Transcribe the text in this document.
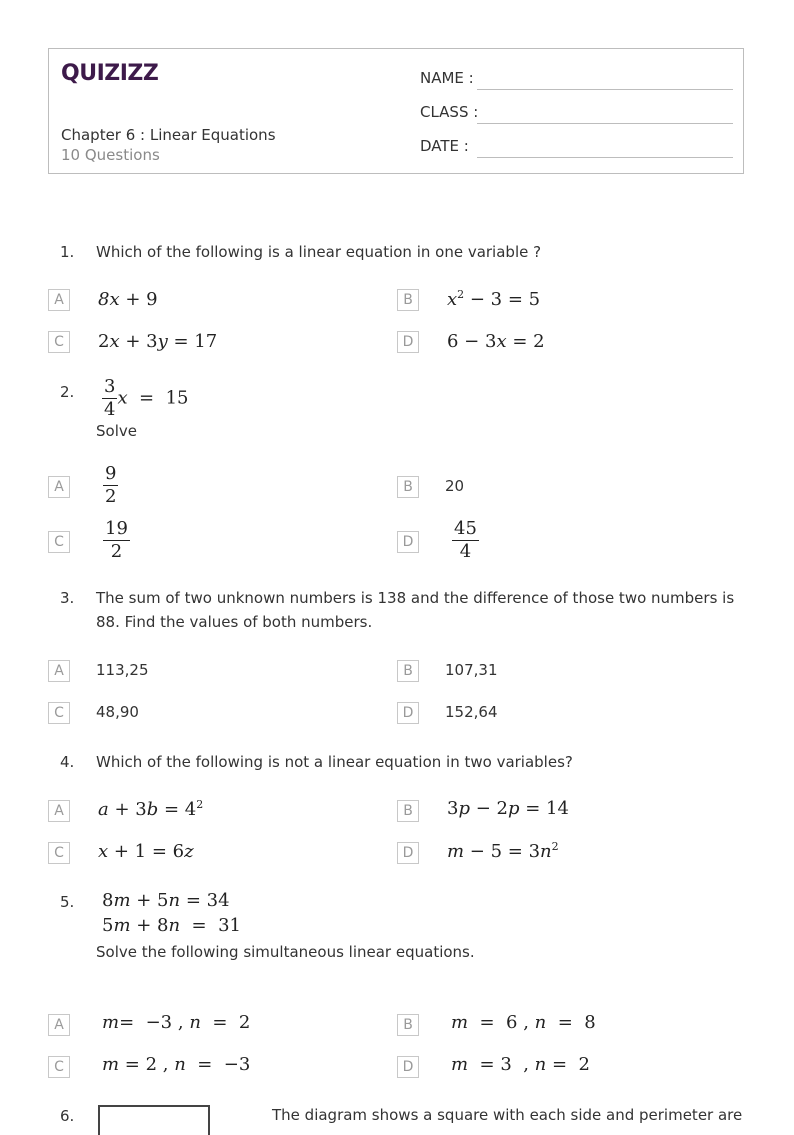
QUIZIZZ
Chapter 6 : Linear Equations
10 Questions
NAME :
CLASS :
DATE :
1. Which of the following is a linear equation in one variable ?
A	8x + 9	B	$x^2 - 3 = 5$
C	2x + 3y = 17	D	6 − 3x = 2
2. $\frac{3}{4}$ x  =  15
Solve
A	$\frac{9}{2}$	B	20
C	$\frac{19}{2}$	D	$\frac{45}{4}$
3. The sum of two unknown numbers is 138 and the difference of those two numbers is
88. Find the values of both numbers.
A	113,25	B	107,31
C	48,90	D	152,64
4. Which of the following is not a linear equation in two variables?
A	$a + 3b = 4^2$	B	3p − 2p = 14
C	x + 1 = 6z	D	$m - 5 = 3n^2$
5. 8m + 5n = 34
5m + 8n  =  31
Solve the following simultaneous linear equations.
A	m=  −3 , n  =  2	B	m  =  6 , n  =  8
C	m = 2 , n  =  −3	D	m  = 3  , n =  2
6.	The diagram shows a square with each side and perimeter are
